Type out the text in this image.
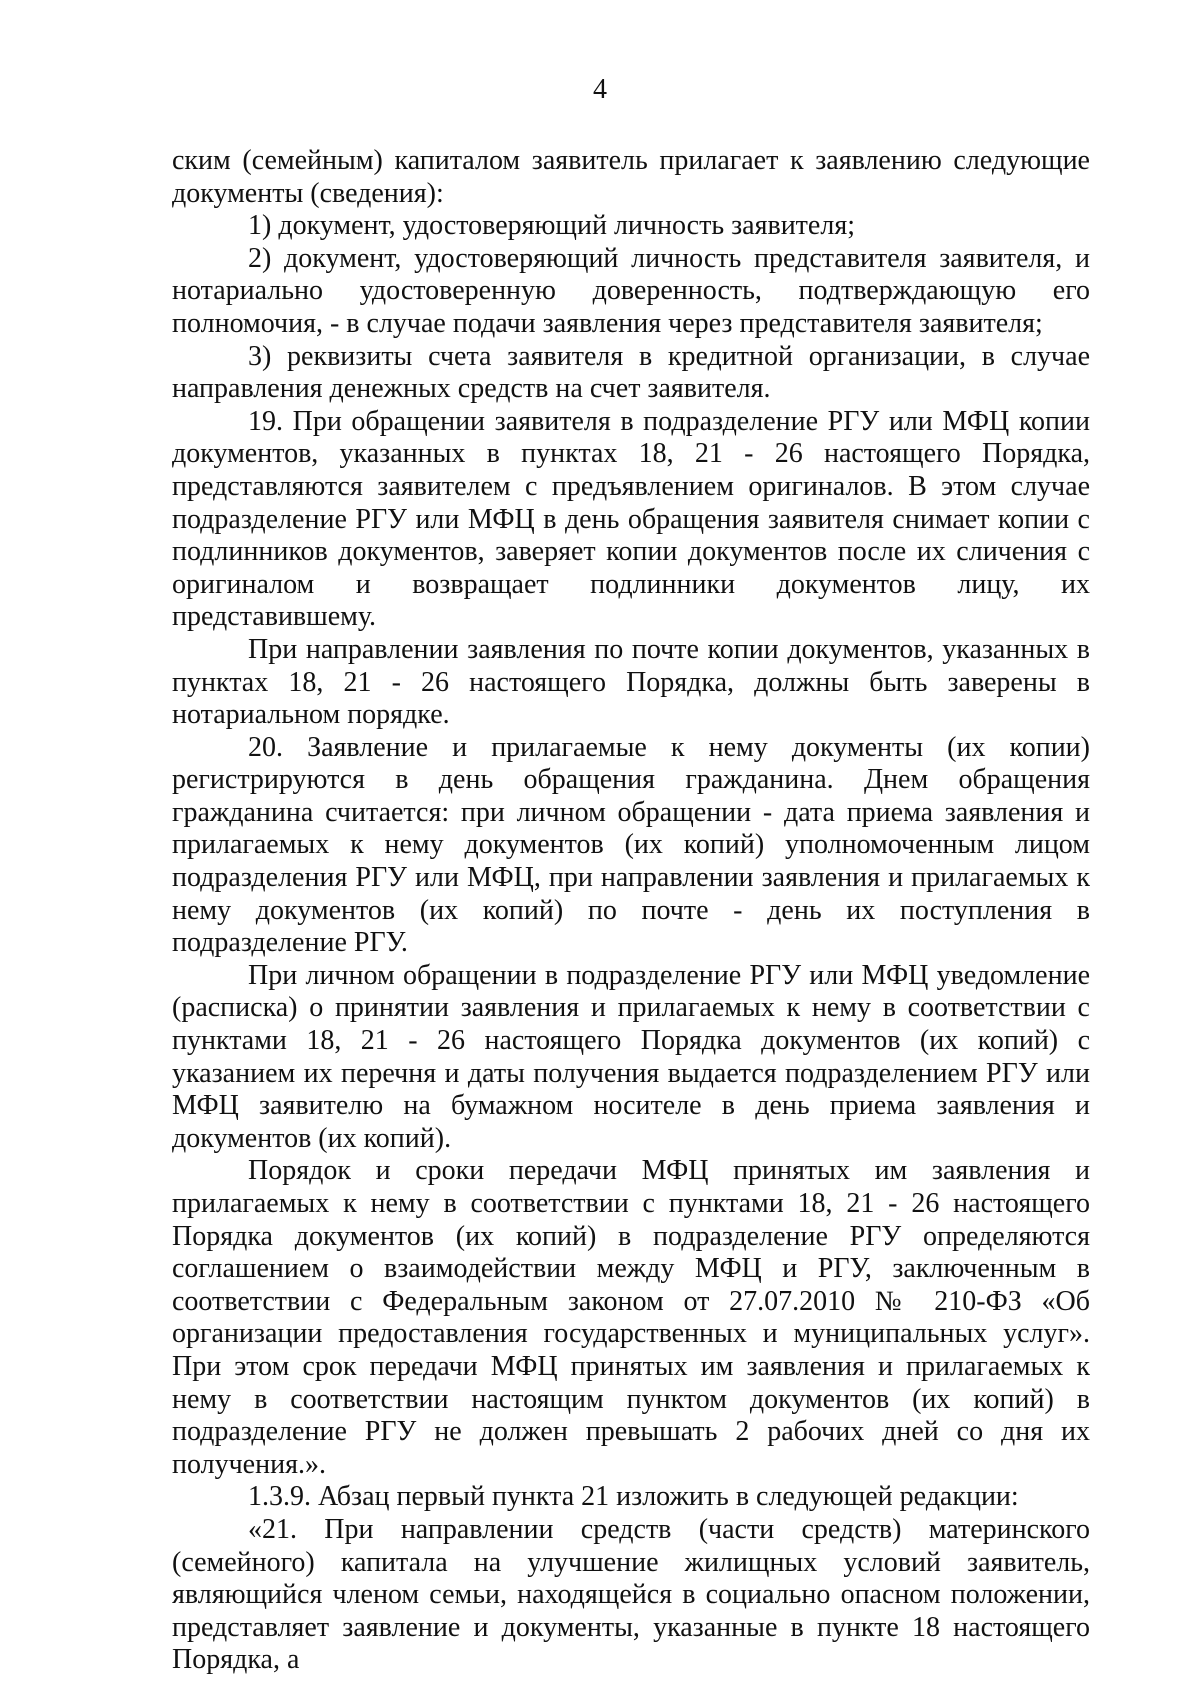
4

ским (семейным) капиталом заявитель прилагает к заявлению следующие документы (сведения):

1) документ, удостоверяющий личность заявителя;

2) документ, удостоверяющий личность представителя заявителя, и нотариально удостоверенную доверенность, подтверждающую его полномочия, - в случае подачи заявления через представителя заявителя;

3) реквизиты счета заявителя в кредитной организации, в случае направления денежных средств на счет заявителя.

19. При обращении заявителя в подразделение РГУ или МФЦ копии документов, указанных в пунктах 18, 21 - 26 настоящего Порядка, представляются заявителем с предъявлением оригиналов. В этом случае подразделение РГУ или МФЦ в день обращения заявителя снимает копии с подлинников документов, заверяет копии документов после их сличения с оригиналом и возвращает подлинники документов лицу, их представившему.

При направлении заявления по почте копии документов, указанных в пунктах 18, 21 - 26 настоящего Порядка, должны быть заверены в нотариальном порядке.

20. Заявление и прилагаемые к нему документы (их копии) регистрируются в день обращения гражданина. Днем обращения гражданина считается: при личном обращении - дата приема заявления и прилагаемых к нему документов (их копий) уполномоченным лицом подразделения РГУ или МФЦ, при направлении заявления и прилагаемых к нему документов (их копий) по почте - день их поступления в подразделение РГУ.

При личном обращении в подразделение РГУ или МФЦ уведомление (расписка) о принятии заявления и прилагаемых к нему в соответствии с пунктами 18, 21 - 26 настоящего Порядка документов (их копий) с указанием их перечня и даты получения выдается подразделением РГУ или МФЦ заявителю на бумажном носителе в день приема заявления и документов (их копий).

Порядок и сроки передачи МФЦ принятых им заявления и прилагаемых к нему в соответствии с пунктами 18, 21 - 26 настоящего Порядка документов (их копий) в подразделение РГУ определяются соглашением о взаимодействии между МФЦ и РГУ, заключенным в соответствии с Федеральным законом от 27.07.2010 № 210-ФЗ «Об организации предоставления государственных и муниципальных услуг». При этом срок передачи МФЦ принятых им заявления и прилагаемых к нему в соответствии настоящим пунктом документов (их копий) в подразделение РГУ не должен превышать 2 рабочих дней со дня их получения.».

1.3.9. Абзац первый пункта 21 изложить в следующей редакции:

«21. При направлении средств (части средств) материнского (семейного) капитала на улучшение жилищных условий заявитель, являющийся членом семьи, находящейся в социально опасном положении, представляет заявление и документы, указанные в пункте 18 настоящего Порядка, а
